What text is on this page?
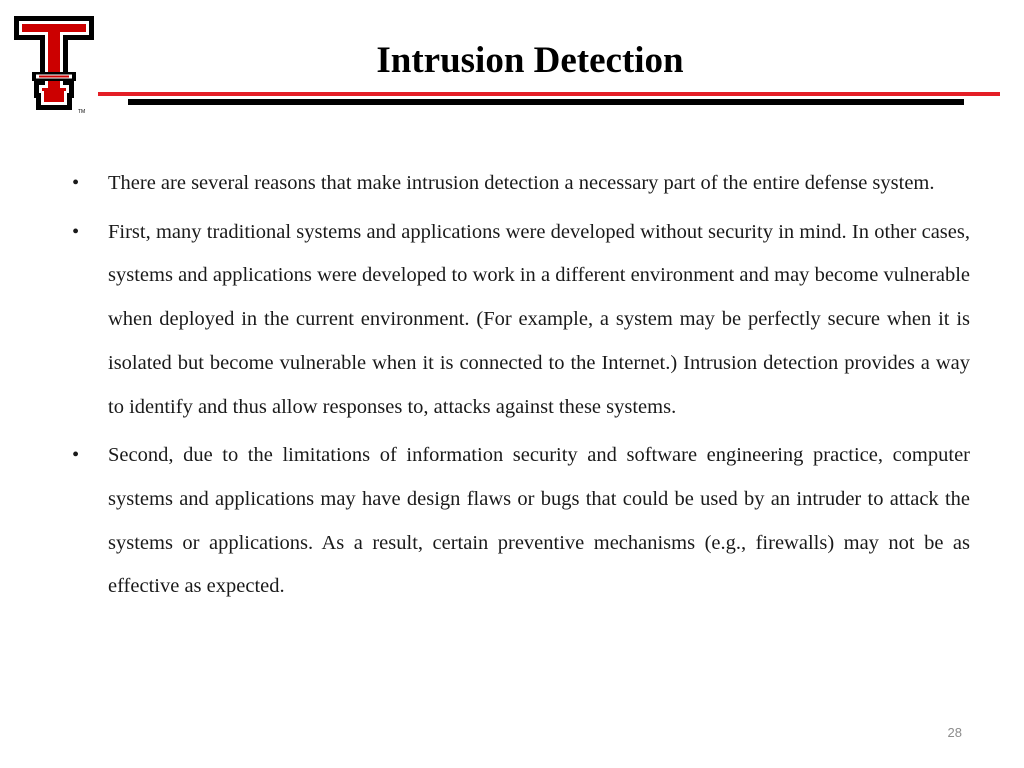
TM
Intrusion Detection
• There are several reasons that make intrusion detection a necessary part of the entire defense system.
• First, many traditional systems and applications were developed without security in mind. In other cases, systems and applications were developed to work in a different environment and may become vulnerable when deployed in the current environment. (For example, a system may be perfectly secure when it is isolated but become vulnerable when it is connected to the Internet.) Intrusion detection provides a way to identify and thus allow responses to, attacks against these systems.
• Second, due to the limitations of information security and software engineering practice, computer systems and applications may have design flaws or bugs that could be used by an intruder to attack the systems or applications. As a result, certain preventive mechanisms (e.g., firewalls) may not be as effective as expected.
28
